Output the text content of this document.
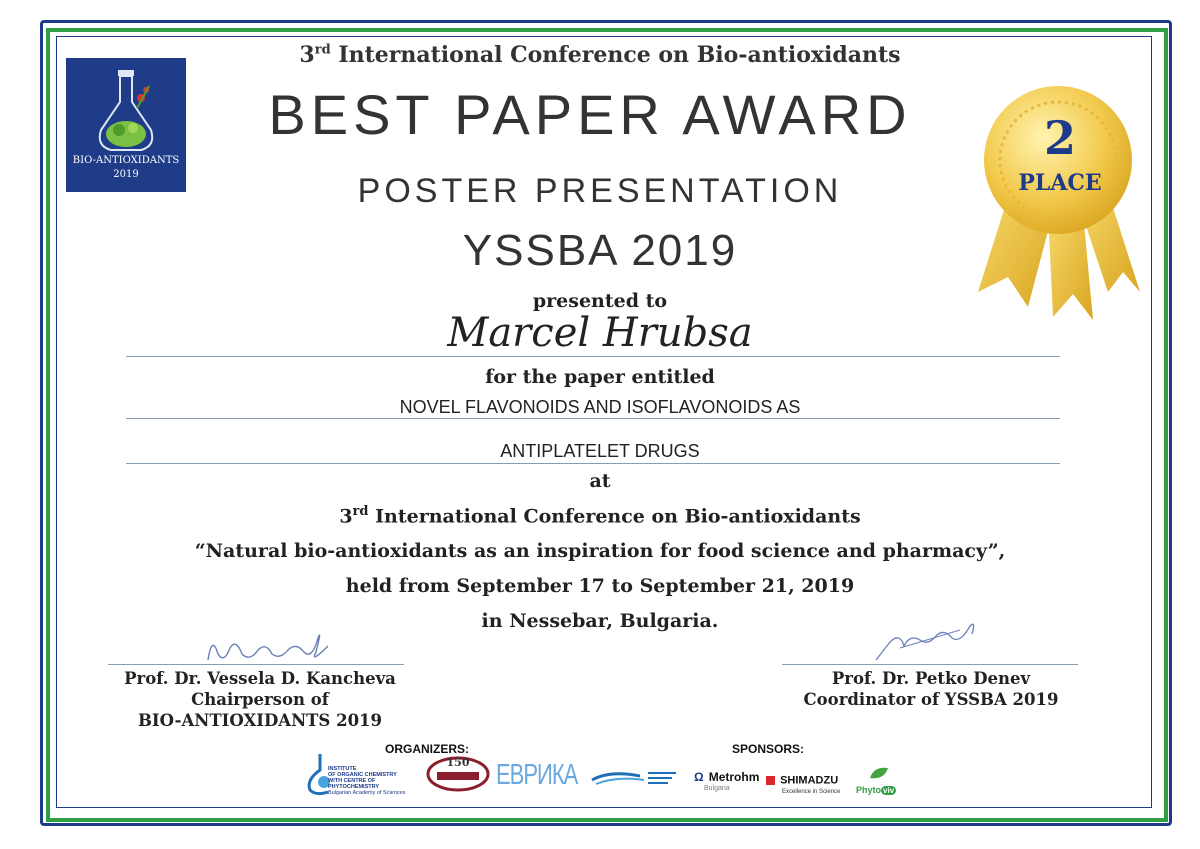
BIO-ANTIOXIDANTS
2019
3rd International Conference on Bio-antioxidants
BEST PAPER AWARD
POSTER PRESENTATION
YSSBA 2019
2
PLACE
presented to
Marcel Hrubsa
for the paper entitled
NOVEL FLAVONOIDS AND ISOFLAVONOIDS AS
ANTIPLATELET DRUGS
at
3rd International Conference on Bio-antioxidants
“Natural bio-antioxidants as an inspiration for food science and pharmacy”,
held from September 17 to September 21, 2019
in Nessebar, Bulgaria.
Prof. Dr. Vessela D. Kancheva
Chairperson of
BIO-ANTIOXIDANTS 2019
Prof. Dr. Petko Denev
Coordinator of YSSBA 2019
ORGANIZERS:
INSTITUTE
OF ORGANIC CHEMISTRY
WITH CENTRE OF PHYTOCHEMISTRY
Bulgarian Academy of Sciences
150	ЕВРИКА
SPONSORS:
Ω Metrohm
Bulgaria
SHIMADZU
Excellence in Science	Phyto viv
